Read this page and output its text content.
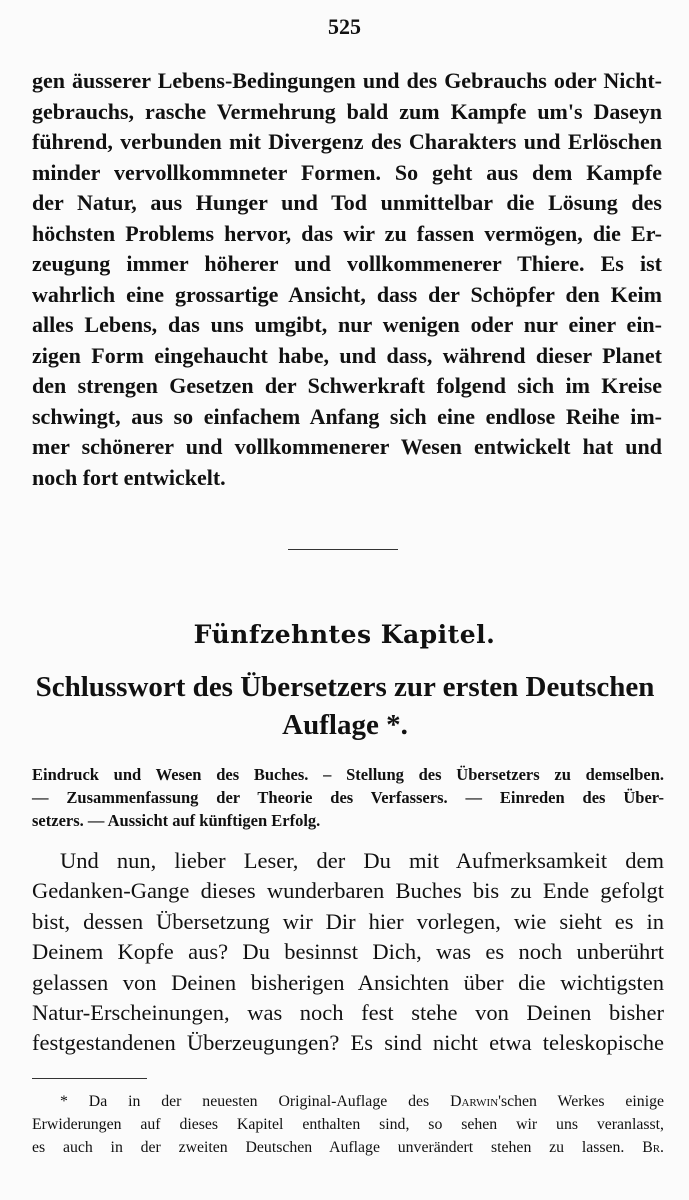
525
gen äusserer Lebens-Bedingungen und des Gebrauchs oder Nicht-
gebrauchs, rasche Vermehrung bald zum Kampfe um's Daseyn
führend, verbunden mit Divergenz des Charakters und Erlöschen
minder vervollkommneter Formen. So geht aus dem Kampfe
der Natur, aus Hunger und Tod unmittelbar die Lösung des
höchsten Problems hervor, das wir zu fassen vermögen, die Er-
zeugung immer höherer und vollkommenerer Thiere. Es ist
wahrlich eine grossartige Ansicht, dass der Schöpfer den Keim
alles Lebens, das uns umgibt, nur wenigen oder nur einer ein-
zigen Form eingehaucht habe, und dass, während dieser Planet
den strengen Gesetzen der Schwerkraft folgend sich im Kreise
schwingt, aus so einfachem Anfang sich eine endlose Reihe im-
mer schönerer und vollkommenerer Wesen entwickelt hat und
noch fort entwickelt.
Fünfzehntes Kapitel.
Schlusswort des Übersetzers zur ersten Deutschen
Auflage *.
Eindruck und Wesen des Buches. – Stellung des Übersetzers zu demselben.
— Zusammenfassung der Theorie des Verfassers. — Einreden des Über-
setzers. — Aussicht auf künftigen Erfolg.
Und nun, lieber Leser, der Du mit Aufmerksamkeit dem
Gedanken-Gange dieses wunderbaren Buches bis zu Ende gefolgt
bist, dessen Übersetzung wir Dir hier vorlegen, wie sieht es in
Deinem Kopfe aus? Du besinnst Dich, was es noch unberührt
gelassen von Deinen bisherigen Ansichten über die wichtigsten
Natur-Erscheinungen, was noch fest stehe von Deinen bisher
festgestandenen Überzeugungen? Es sind nicht etwa teleskopische
* Da in der neuesten Original-Auflage des Darwin'schen Werkes einige
Erwiderungen auf dieses Kapitel enthalten sind, so sehen wir uns veranlasst,
es auch in der zweiten Deutschen Auflage unverändert stehen zu lassen. Br.
